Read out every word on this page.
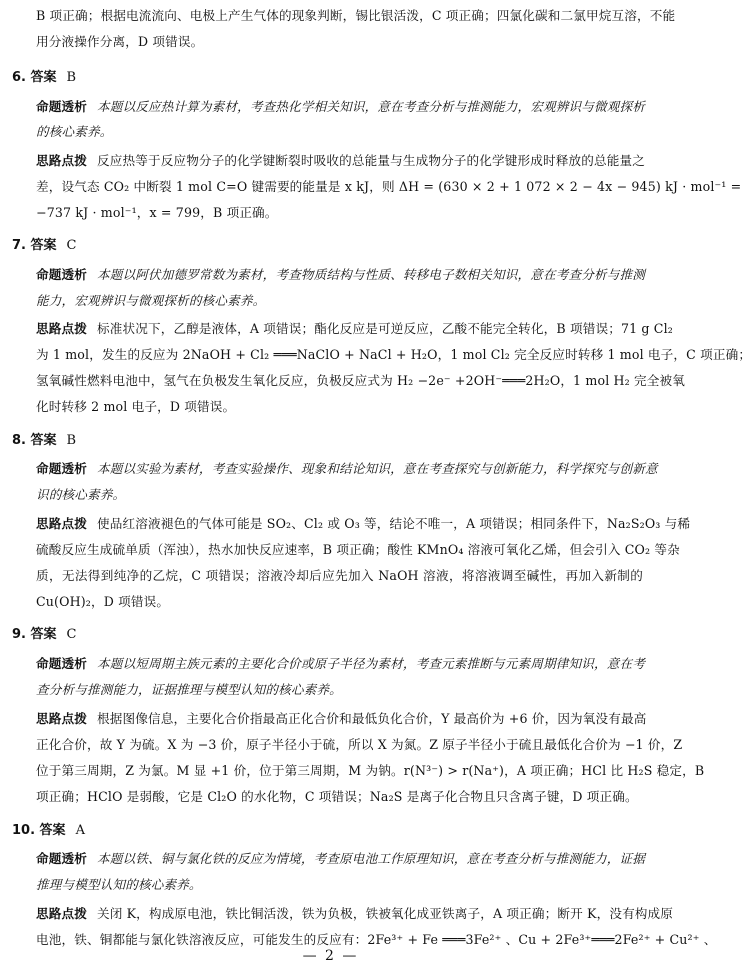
B 项正确；根据电流流向、电极上产生气体的现象判断，锡比银活泼，C 项正确；四氯化碳和二氯甲烷互溶，不能
用分液操作分离，D 项错误。
6. 答案 B
命题透析 本题以反应热计算为素材，考查热化学相关知识，意在考查分析与推测能力，宏观辨识与微观探析
的核心素养。
思路点拨 反应热等于反应物分子的化学键断裂时吸收的总能量与生成物分子的化学键形成时释放的总能量之
差，设气态 CO₂ 中断裂 1 mol C=O 键需要的能量是 x kJ，则 ΔH = (630 × 2 + 1 072 × 2 − 4x − 945) kJ · mol⁻¹ =
−737 kJ · mol⁻¹，x = 799，B 项正确。
7. 答案 C
命题透析 本题以阿伏加德罗常数为素材，考查物质结构与性质、转移电子数相关知识，意在考查分析与推测
能力，宏观辨识与微观探析的核心素养。
思路点拨 标准状况下，乙醇是液体，A 项错误；酯化反应是可逆反应，乙酸不能完全转化，B 项错误；71 g Cl₂
为 1 mol，发生的反应为 2NaOH + Cl₂ ═══NaClO + NaCl + H₂O，1 mol Cl₂ 完全反应时转移 1 mol 电子，C 项正确；
氢氧碱性燃料电池中，氢气在负极发生氧化反应，负极反应式为 H₂ −2e⁻ +2OH⁻═══2H₂O，1 mol H₂ 完全被氧
化时转移 2 mol 电子，D 项错误。
8. 答案 B
命题透析 本题以实验为素材，考查实验操作、现象和结论知识，意在考查探究与创新能力，科学探究与创新意
识的核心素养。
思路点拨 使品红溶液褪色的气体可能是 SO₂、Cl₂ 或 O₃ 等，结论不唯一，A 项错误；相同条件下，Na₂S₂O₃ 与稀
硫酸反应生成硫单质（浑浊），热水加快反应速率，B 项正确；酸性 KMnO₄ 溶液可氧化乙烯，但会引入 CO₂ 等杂
质，无法得到纯净的乙烷，C 项错误；溶液冷却后应先加入 NaOH 溶液，将溶液调至碱性，再加入新制的
Cu(OH)₂，D 项错误。
9. 答案 C
命题透析 本题以短周期主族元素的主要化合价或原子半径为素材，考查元素推断与元素周期律知识，意在考
查分析与推测能力，证据推理与模型认知的核心素养。
思路点拨 根据图像信息，主要化合价指最高正化合价和最低负化合价，Y 最高价为 +6 价，因为氧没有最高
正化合价，故 Y 为硫。X 为 −3 价，原子半径小于硫，所以 X 为氮。Z 原子半径小于硫且最低化合价为 −1 价，Z
位于第三周期，Z 为氯。M 显 +1 价，位于第三周期，M 为钠。r(N³⁻) > r(Na⁺)，A 项正确；HCl 比 H₂S 稳定，B
项正确；HClO 是弱酸，它是 Cl₂O 的水化物，C 项错误；Na₂S 是离子化合物且只含离子键，D 项正确。
10. 答案 A
命题透析 本题以铁、铜与氯化铁的反应为情境，考查原电池工作原理知识，意在考查分析与推测能力，证据
推理与模型认知的核心素养。
思路点拨 关闭 K，构成原电池，铁比铜活泼，铁为负极，铁被氧化成亚铁离子，A 项正确；断开 K，没有构成原
电池，铁、铜都能与氯化铁溶液反应，可能发生的反应有：2Fe³⁺ + Fe ═══3Fe²⁺ 、Cu + 2Fe³⁺═══2Fe²⁺ + Cu²⁺ 、
— 2 —
